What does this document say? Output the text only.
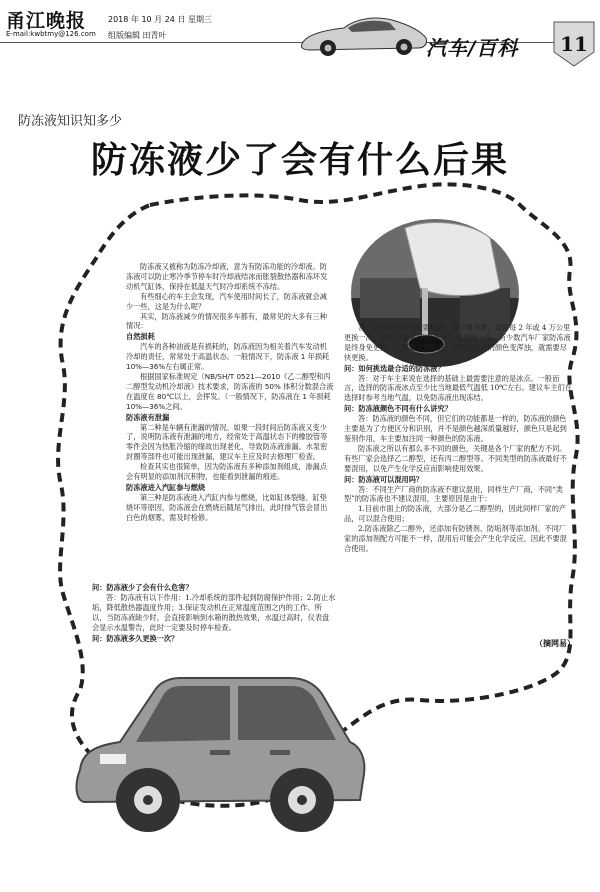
甬江晚报
E-mail:kwbtmy@126.com
2018 年 10 月 24 日 星期三
组版编辑 田青叶
汽车/百科	11
防冻液知识知多少
防冻液少了会有什么后果

防冻液又被称为防冻冷却液，意为有防冻功能的冷却液。防冻液可以防止寒冷季节停车时冷却液结冰而胀裂散热器和冻坏发动机气缸体，保持在低温天气时冷却系统不冻结。

有些细心的车主会发现，汽车使用时间长了，防冻液就会减少一些，这是为什么呢？

其实，防冻液减少的情况很多车都有，最常见的大多有三种情况：

自然损耗

汽车的各种油液是有损耗的，防冻液因为相关着汽车发动机冷却的责任，常常处于高温状态。一般情况下，防冻液 1 年损耗 10%—36%左右属正常。

根据国家标准规定（NB/SH/T 0521—2010《乙二醇型和丙二醇型发动机冷却液》技术要求，防冻液的 50% 体积分数混合液在温度在 80℃以上，会挥发。（一般情况下，防冻液在 1 年损耗 10%—36%之间。

防冻液有泄漏

第二种是车辆有泄漏的情况。如果一段时间后防冻液又变少了，说明防冻液有泄漏的地方，经常处于高温状态下的橡胶管等零件会因为热胀冷缩的缘故出现老化，导致防冻液渗漏。水泵密封圈等部件也可能出现泄漏，建议车主应及时去修理厂检查。

检查其实也很简单，因为防冻液有多种添加剂组成，渗漏点会有明显的添加剂沉积物，也能看到泄漏的痕迹。

防冻液进入汽缸参与燃烧

第三种是防冻液进入汽缸内参与燃烧，比如缸体裂缝、缸垫烧坏等原因，防冻液会在燃烧后随尾气排出，此时排气管会冒出白色的烟雾，需及时检修。

问：防冻液少了会有什么危害？

答：防冻液有以下作用：1.冷却系统的部件起到防腐保护作用；2.防止水垢，降低散热器温度作用；3.保证发动机在正常温度范围之内的工作。所以，当防冻液缺少时，会直接影响到水箱的散热效果，水温过高时，仪表盘会显示水温警告，此时一定要及时停车检查。

问：防冻液多久更换一次？

答：防冻液更换周期需根据厂家手册为准，通常每 2 年或 4 万公里更换一次，最长为每 4 年或 6 万公里更换一次，有少数汽车厂家防冻液是终身免更换，只需要定期检查，如果防冻液的颜色变浑浊，就需要尽快更换。

问：如何挑选最合适的防冻液？

答：对于车主来说在选择的基础上最需要注意的是冰点。一般而言，选择的防冻液冰点至少比当地最低气温低 10℃左右。建议车主们在选择时参考当地气温，以免防冻液出现冻结。

问：防冻液颜色不同有什么讲究？

答：防冻液的颜色不同，但它们的功能都是一样的，防冻液的颜色主要是为了方便区分和识别，并不是颜色越深质量越好，颜色只是起到鉴别作用，车主要加注同一种颜色的防冻液。

防冻液之所以有那么多不同的颜色，关键是各个厂家的配方不同。有些厂家会选择乙二醇型，还有丙二醇型等。不同类型的防冻液最好不要混用，以免产生化学反应而影响使用效果。

问：防冻液可以混用吗？

答：不同生产厂商的防冻液不建议混用，同样生产厂商，不同“类型”的防冻液也不建议混用，主要原因是由于：

1.目前市面上的防冻液，大部分是乙二醇型的，因此同样厂家的产品，可以混合使用；

2.防冻液除乙二醇外，还添加有防锈剂、防垢剂等添加剂。不同厂家的添加剂配方可能不一样，混用后可能会产生化学反应，因此不要混合使用。

（摘网易）
